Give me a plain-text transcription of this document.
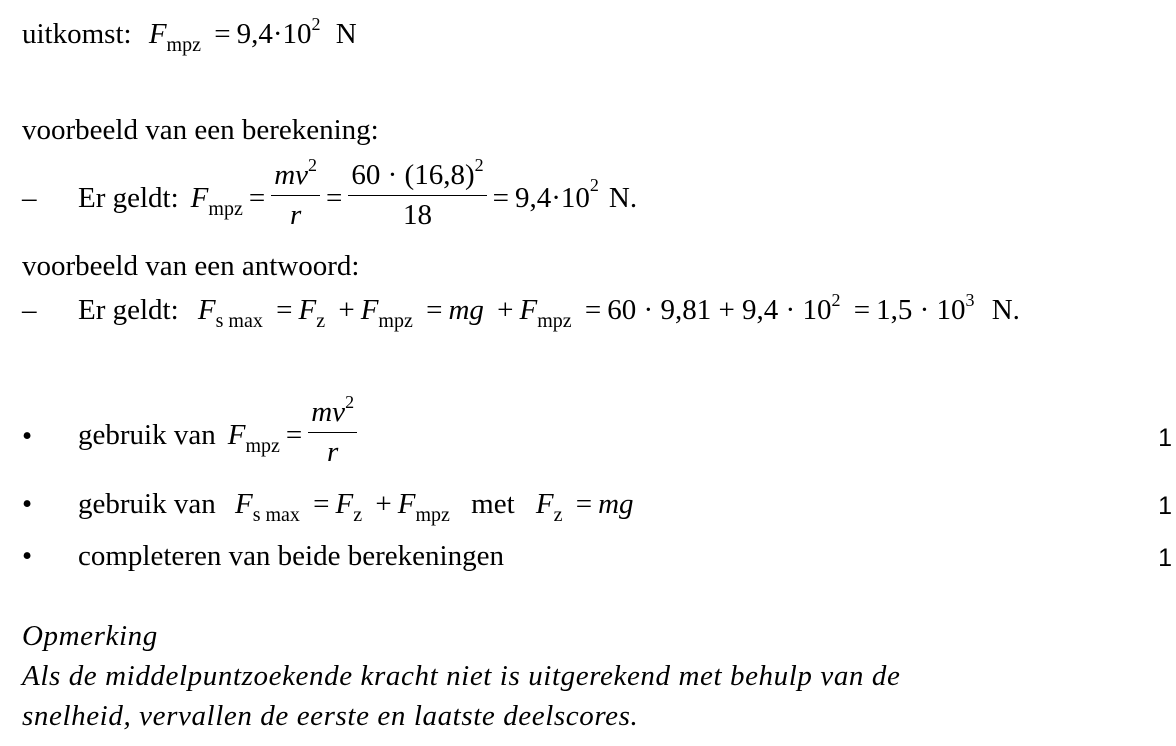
uitkomst: $F_{mpz} = 9,4\cdot 10^2$ N
voorbeeld van een berekening:
– Er geldt: $F_{mpz} = \frac{mv^2}{r} = \frac{60 \cdot (16,8)^2}{18} = 9,4 \cdot 10$ 2 N.
voorbeeld van een antwoord:
– Er geldt: $F_{s max} = F_z + F_{mpz}$ = mg + $F_{mpz} = 60 \cdot 9,81 + 9,4 \cdot 10^2 = 1,5 \cdot 10^3$ N.
• gebruik van $F_{mpz} = \frac{mv^2}{r}$	1
• gebruik van $F_{s max} = F_z + F_{mpz}$ met $F_z$ = mg	1
• completeren van beide berekeningen	1
Opmerking
Als de middelpuntzoekende kracht niet is uitgerekend met behulp van de
snelheid, vervallen de eerste en laatste deelscores.
